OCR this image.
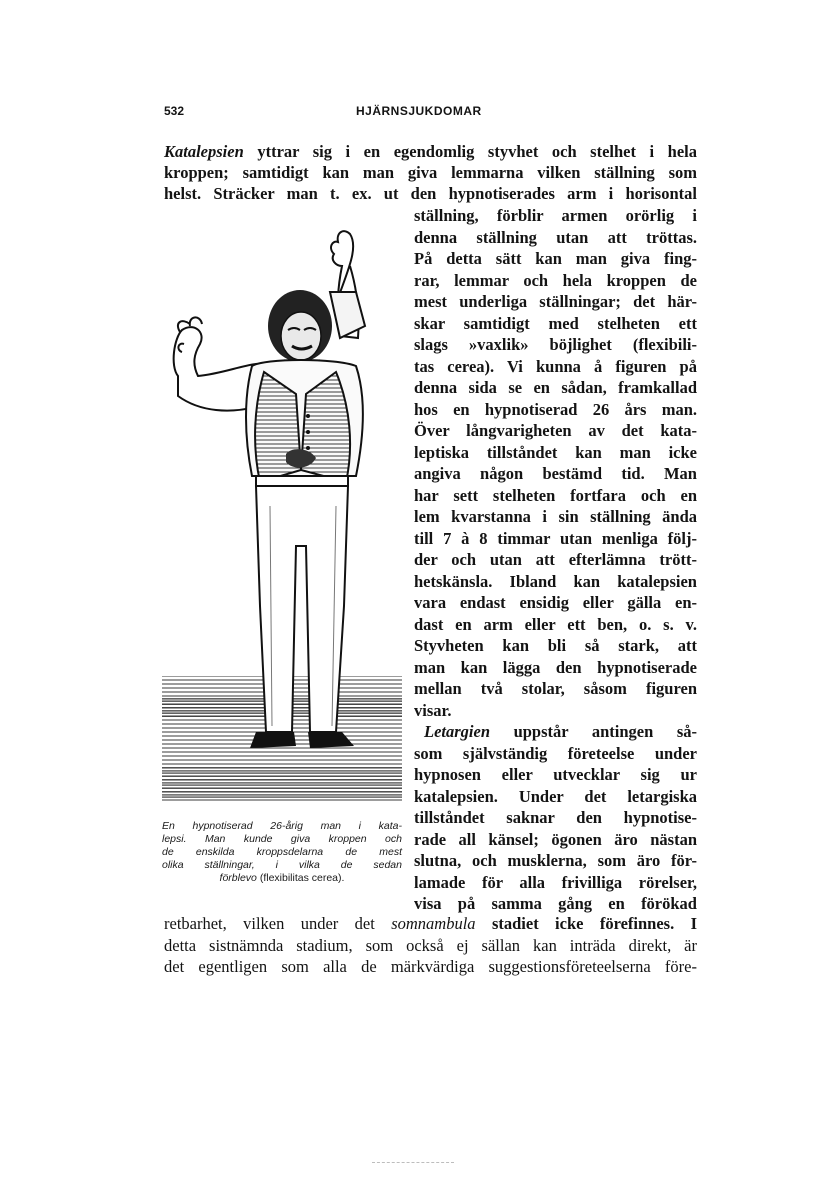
532	HJÄRNSJUKDOMAR
Katalepsien yttrar sig i en egendomlig styvhet och stelhet i hela
kroppen; samtidigt kan man giva lemmarna vilken ställning som
helst. Sträcker man t. ex. ut den hypnotiserades arm i horisontal
ställning, förblir armen orörlig i
denna ställning utan att tröttas.
På detta sätt kan man giva fing-
rar, lemmar och hela kroppen de
mest underliga ställningar; det här-
skar samtidigt med stelheten ett
slags »vaxlik» böjlighet (flexibili-
tas cerea). Vi kunna å figuren på
denna sida se en sådan, framkallad
hos en hypnotiserad 26 års man.
Över långvarigheten av det kata-
leptiska tillståndet kan man icke
angiva någon bestämd tid. Man
har sett stelheten fortfara och en
lem kvarstanna i sin ställning ända
till 7 à 8 timmar utan menliga följ-
der och utan att efterlämna trött-
hetskänsla. Ibland kan katalepsien
vara endast ensidig eller gälla en-
dast en arm eller ett ben, o. s. v.
Styvheten kan bli så stark, att
man kan lägga den hypnotiserade
mellan två stolar, såsom figuren
visar.
Letargien uppstår antingen så-
som självständig företeelse under
hypnosen eller utvecklar sig ur
katalepsien. Under det letargiska
tillståndet saknar den hypnotise-
rade all känsel; ögonen äro nästan
slutna, och musklerna, som äro för-
lamade för alla frivilliga rörelser,
visa på samma gång en förökad
En hypnotiserad 26-årig man i kata-
lepsi. Man kunde giva kroppen och
de enskilda kroppsdelarna de mest
olika ställningar, i vilka de sedan
förblevo (flexibilitas cerea).
retbarhet, vilken under det somnambula stadiet icke förefinnes. I
detta sistnämnda stadium, som också ej sällan kan inträda direkt, är
det egentligen som alla de märkvärdiga suggestionsföreteelserna före-
